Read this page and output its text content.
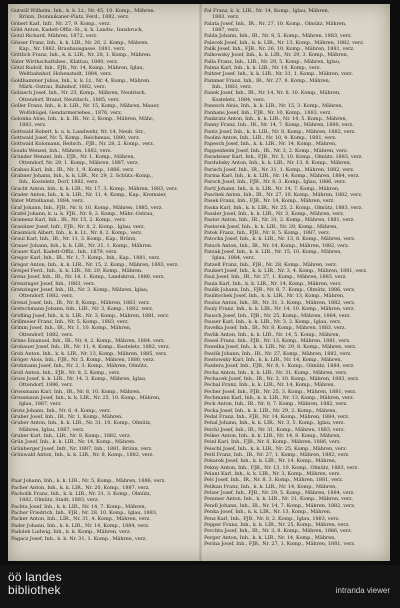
Gutwill Wilhelm, Inh., k. k. Lt., Nr. 45, 10. Komp., Mähren.
Brünn, Dominikaner-Platz, Ferd., 1882, verz.
Göberl Karl, Infr., Nr. 27, 9. Komp., verz.
Göbl Anton, Kadett-Offiz.-St., k. k. Landw., Innsbruck,
Gotzl Richard, Mähren, 1872, verz.
Gösser Franz, Inh., k. k. LIR., Nr. 26, 2. Komp., Mähren.
Kap., Nr. 1882, Brauhausgasse, 1881, verz.
Göttlich Franz, Inh., k. k. LIR., Nr. 28, 1. Komp., Mähren.
Vater Wirthschaftsbes., Klattau, 1880, verz.
Götzl Rudolf, Inh., FJB., Nr. 14, Komp., Mähren, Iglau,
Weltbahnhof, Hohenstadt, 1884, verz.
Goldhammer Julius, Inh., k. k. Lt., Nr. 4, Komp., Mähren.
Märk.-Ostrau, Bahnhof, 1882, verz.
Goliasch Josef, Inh., Nr. 23, Komp., Mähren, Neutitsch.
Ottendorf, Brand, Neutitsch., 1885, verz.
Goller Franz, Inh., k. k. LIR., Nr. 15, Komp., Mähren, Mauer,
Wolfshügel, Gendarmeriebes., 1876, verz.
Golonka Alois, Inh., k. k. IR., Nr. 2, Komp., Mähren, Mähr.,
1883, verz.
Gottwald Robert, k. u. k. Landwehr, Nr. 14, Neub. Str.,
Gottwald Josef, Nr. 5, Komp., Reichenau, 1880, verz.
Gottwald Kolomann, Reitsch., FJB., Nr. 28, 2. Komp., verz.
Gouda Wenzel, Inh., Mähren, 1882, verz.
Gründer Wenzel, Inh., FJB., Nr. 1, Komp., Mähren,
Ottendorf, Nr. 29, 1. Komp., Mähren, 1887, verz.
Grabau Karl, Inh., IR., Nr. 1, 9. Komp., 1886, verz.
Grabner Johann, Inh., k. k. LIR., Nr. 29, 2. Schütz.-Komp.,
Inh., Kosteletz, Dorf, 1882, verz.
Gracht Anton, Inh., k. k. LIR., Nr. 17, 3. Komp., Mähren, 1883, verz.
Grader Anton, Inh., k. k. LIR., Nr. 11, 4. Komp., Kap., Kremsier,
Vater Mittelhansl, 1884, verz.
Graf Johann, Inh., FJB., Nr. 8, 10. Komp., Mähren, 1885, verz.
Grafel Johann, k. u. k. FJB., Nr. 8, 2. Komp., Mähr.-Ostrau,
Gramenz Karl, Inh., IR., Nr. 15, 2. Komp., verz.
Granitzer Josef, Infr., FJB., Nr. 8, 2. Komp., Iglau, verz.
Grasmück Albert, Inh., k. k. Lt., Nr. 8, 2. Komp., verz.
Graul Karl, Inh., IR., Nr. 11, 3. Komp., Kap., Brünn,
Grauer Johann, Inh., k. k. LIR., Nr. 31, 1. Komp., Mähren.
Grauer Karl, Kadett-Offiz., Inh., 1879, verz.
Gregor Karl, Inh., IR., Nr. 1, 7. Komp., Inh., Kap., 1881, verz.
Gregor Anton, Inh., k. k. LIR., Nr. 15, 2. Komp., Mähren, 1883, verz.
Greipel Ferd., Inh., k. k. LIR., Nr. 29, Komp., Mähren.
Grenz Josef, Inh., IR., Nr. 14, 1. Komp., Landskron, 1880, verz.
Grenzinger Josef, Inh., 1883, verz.
Grenzinger Josef, Inh., IR., Nr. 3, Komp., Mähren, Iglau,
Ottendorf, 1882, verz.
Grenzl Josef, Inh., IR., Nr. 8, Komp., Mähren, 1883, verz.
Gretschmann Johann, Inh., LIR., Nr. 3, Komp., 1882, verz.
Gridling Josef, Inh., k. k. LIR., Nr. 3, Komp., Mähren, 1881, verz.
Grillmeier Franz, Inh., Nr. 5, Komp., 1883, verz.
Grimm Josef, Inh., IR., Nr. 1, 10. Komp., Mähren,
Ottendorf, 1882, verz.
Grims Emanuel, Inh., IR., Nr. 4, 2. Komp., Mähren, 1884, verz.
Grobauer Josef, Inh., IR., Nr. 11, 4. Komp., Kosteletz, 1882, verz.
Groh Anton, Inh., k. k. LIR., Nr. 13, Komp., Mähren, 1885, verz.
Gröger Alois, Inh., FJB., Nr. 5, Komp., Mähren, 1880, verz.
Grohmann Josef, Inh., Nr. 2, 3. Komp., Mähren, Olmütz,
Groll Anton, Inh., FJB., Nr. 8, 2. Komp., verz.
Gross Josef, k. k. LIR., Nr. 14, 3. Komp., Mähren, Iglau,
Ottendorf, 1886, verz.
Grossmann Karl, Inh., IR., Nr. 8, 10. Komp., Mähren.
Grossmann Josef, Inh., k. k. LIR., Nr. 25, 10. Komp., Mähren,
Iglau, 1887, verz.
Grotz Johann, Inh., Nr. 6, 4. Komp., verz.
Gruber Josef, Inh., IR., Nr. 1, Komp., Mähren.
Gruber Anton, Inh., k. k. LIR., Nr. 31, 10. Komp., Olmütz,
Mähren, Iglau, 1887, verz.
Gruber Karl, Inh., LIR., Nr. 8, Komp., 1882, verz.
Grün Josef, Inh., k. k. LIR., Nr. 14, Komp., Mähren.
Grünberger Josef, Infr., Nr. 1887, Inh., 1881, Brünn, verz.
Grünwald Anton, Inh., k. k. LIR., Nr. 8, Komp., 1882, verz.
Paar Johann, Inh., k. k. LIR., Nr. 5, Komp., Mähren, 1886, verz.
Pacher Anton, Inh., k. k. LIR., Nr. 20, Komp., 1887, verz.
Pacholik Franz, Inh., k. k. LIR., Nr. 31, 3. Komp., Olmütz,
1882, Olmütz, Stadt, 1883, verz.
Pachta Josef, Inh., k. k. LIR., Nr. 14, 7. Komp., Mähren,
Pacher Friedrich, Inh., FJB., Nr. 28, 10. Komp., Iglau, 1883,
Packer Anton, Inh., LIR., Nr. 31, 4. Komp., Mähren, verz.
Pader Johann, Inh., k. k. LIR., Nr. 14, Komp., 1884, verz.
Padolek Ludwig, Inh., k. k. Komp., Mähren, verz.
Pagacz Josef, Inh., k. k. Nr. 31, 1. Komp., Mähren, verz.
Pal Franz, k. k. LIR., Nr. 14, Komp., Iglau, Mähren,
1883, verz.
Palata Josef, Inh., IR., Nr. 27, 10. Komp., Olmütz, Mähren,
1887, verz.
Palda Johann, Inh., IR., Nr. 8, 5. Komp., Mähren, 1883, verz.
Palecek Josef, Inh., k. k. LIR., Nr. 13, Komp., Mähren, 1882, verz.
Palik Josef, Inh., FJB., Nr. 26, 10. Komp., Mähren, 1881, verz.
Palkowsky Josef, Inh., k. k. LIR., Nr. 29, 3. Komp., Mähren,
Palla Franz, Inh., LIR., Nr. 29, 5. Komp., Mähren, Iglau,
Palma Karl, Inh., k. k. LIR., Nr. 14, Komp., verz.
Paltzer Josef, Inh., k. k. LIR., Nr. 31, 1. Komp., Mähren, verz.
Pammer Franz, Inh., IR., Nr. 27, 8. Komp., Mähren,
Inh., 1883, verz.
Panek Josef, Inh., IR., Nr. 14, Nr. 8, 10. Komp., Mähren,
Kosteletz, 1884, verz.
Panesch Alois, Inh., k. k. LIR., Nr. 15, 3. Komp., Mähren,
Panhans Josef, Inh., FJB., Nr. 10, Komp., 1883, verz.
Pankratz Anton, Inh., k. k. LIR., Nr. 14, 5. Komp., Mähren,
Panny Franz, Inh., IR., Nr. 14, 7. Komp., Mähren, 1880, verz.
Pantz Josef, Inh., k. k. LIR., Nr. 8, Komp., Mähren, 1882, verz.
Paolini Anton, Inh., LIR., Nr. 10, 4. Komp., 1881, verz.
Papesch Josef, Inh., k. k. LIR., Nr. 14, Komp., Mähren,
Pappenheim Josef, Inh., IR., Nr. 3, 2. Komp., Mähren, verz.
Paradeiser Karl, Inh., FJB., Nr. 5, 10. Komp., Olmütz, 1883, verz.
Pardubsky Anton, Inh., k. k. LIR., Nr. 13, 8. Komp., Mähren,
Parisch Josef, Inh., IR., Nr. 31, 1. Komp., Mähren, 1882, verz.
Parma Karl, Inh., k. k. LIR., Nr. 14, Komp., Mähren, 1884, verz.
Parsch Josef, Inh., FJB., Nr. 8, 3. Komp., Iglau, 1886, verz.
Partl Johann, Inh., k. k. LIR., Nr. 14, 7. Komp., Mähren,
Paschek Anton, Inh., IR., Nr. 27, 10. Komp., Mähren, 1882, verz.
Pasek Franz, Inh., FJB., Nr. 14, Komp., Mähren, verz.
Paska Karl, Inh., k. k. LIR., Nr. 25, 2. Komp., Olmütz, 1883, verz.
Passler Josef, Inh., k. k. LIR., Nr. 3, Komp., Mähren, verz.
Pastor Anton, Inh., IR., Nr. 31, 2. Komp., Mähren, 1881, verz.
Pastorek Josef, Inh., k. k. LIR., Nr. 29, Komp., Mähren,
Patek Franz, Inh., FJB., Nr. 8, 5. Komp., 1887, verz.
Patocka Josef, Inh., k. k. LIR., Nr. 13, 8. Komp., Mähren, verz.
Patsch Anton, Inh., IR., Nr. 14, Komp., Mähren, 1882, verz.
Patzak Josef, Inh., k. k. LIR., Nr. 15, 10. Komp., Mähren,
Iglau, 1884, verz.
Patzelt Franz, Inh., FJB., Nr. 28, Komp., Mähren, verz.
Paukert Josef, Inh., k. k. LIR., Nr. 3, 4. Komp., Mähren, 1881, verz.
Paul Josef, Inh., IR., Nr. 27, 1. Komp., Mähren, 1883, verz.
Paula Karl, Inh., k. k. LIR., Nr. 14, Komp., Mähren, verz.
Paulik Johann, Inh., FJB., Nr. 8, 7. Komp., Olmütz, 1886, verz.
Paulitschek Josef, Inh., k. k. LIR., Nr. 13, Komp., Mähren,
Paulus Anton, Inh., IR., Nr. 31, 3. Komp., Mähren, 1882, verz.
Pauly Franz, Inh., k. k. LIR., Nr. 14, 10. Komp., Mähren, verz.
Pausch Josef, Inh., FJB., Nr. 25, Komp., Mähren, 1884, verz.
Pauser Karl, Inh., k. k. LIR., Nr. 3, 2. Komp., Iglau, verz.
Pavelka Josef, Inh., IR., Nr. 8, Komp., Mähren, 1883, verz.
Pavlik Anton, Inh., k. k. LIR., Nr. 14, 5. Komp., Mähren,
Pawel Franz, Inh., FJB., Nr. 13, Komp., Mähren, 1881, verz.
Pawelka Josef, Inh., k. k. LIR., Nr. 29, 8. Komp., Mähren, verz.
Pawlik Johann, Inh., IR., Nr. 27, Komp., Mähren, 1882, verz.
Pawlowsky Karl, Inh., k. k. LIR., Nr. 14, Komp., Mähren,
Pazdera Josef, Inh., FJB., Nr. 8, 1. Komp., Olmütz, 1884, verz.
Pecha Anton, Inh., k. k. LIR., Nr. 31, Komp., Mähren, verz.
Pechacek Josef, Inh., IR., Nr. 3, 10. Komp., Mähren, 1883, verz.
Pechal Franz, Inh., k. k. LIR., Nr. 14, Komp., Mähren,
Pecher Josef, Inh., FJB., Nr. 25, 3. Komp., Mähren, 1881, verz.
Pechmann Karl, Inh., k. k. LIR., Nr. 13, Komp., Mähren, verz.
Peck Anton, Inh., IR., Nr. 8, 7. Komp., Mähren, 1882, verz.
Pecka Josef, Inh., k. k. LIR., Nr. 29, 2. Komp., Mähren,
Pedal Franz, Inh., FJB., Nr. 14, Komp., Mähren, 1884, verz.
Pehal Johann, Inh., k. k. LIR., Nr. 3, 5. Komp., Iglau, verz.
Peichl Josef, Inh., IR., Nr. 31, Komp., Mähren, 1883, verz.
Peiker Anton, Inh., k. k. LIR., Nr. 14, 8. Komp., Mähren,
Peinl Karl, Inh., FJB., Nr. 8, Komp., Mähren, 1886, verz.
Peischl Josef, Inh., k. k. LIR., Nr. 25, Komp., Mähren, verz.
Peitl Franz, Inh., IR., Nr. 27, 1. Komp., Mähren, 1882, verz.
Pekarek Josef, Inh., k. k. LIR., Nr. 14, Komp., Mähren,
Pekny Anton, Inh., FJB., Nr. 13, 10. Komp., Olmütz, 1883, verz.
Pelant Karl, Inh., k. k. LIR., Nr. 3, Komp., Mähren, verz.
Pelc Josef, Inh., IR., Nr. 8, 3. Komp., Mähren, 1881, verz.
Pelikan Franz, Inh., k. k. LIR., Nr. 14, Komp., Mähren,
Pelzer Josef, Inh., FJB., Nr. 29, 5. Komp., Mähren, 1884, verz.
Pemmer Anton, Inh., k. k. LIR., Nr. 31, Komp., Mähren, verz.
Pendl Johann, Inh., IR., Nr. 14, 7. Komp., Mähren, 1882, verz.
Penka Josef, Inh., k. k. LIR., Nr. 13, Komp., Mähren,
Penz Karl, Inh., FJB., Nr. 8, 2. Komp., Iglau, 1883, verz.
Pepper Franz, Inh., k. k. LIR., Nr. 25, Komp., Mähren, verz.
Perchta Josef, Inh., IR., Nr. 3, 8. Komp., Mähren, 1886, verz.
Perger Anton, Inh., k. k. LIR., Nr. 14, Komp., Mähren,
Perina Josef, Inh., FJB., Nr. 27, 1. Komp., Mähren, 1881, verz.
öö landes
bibliothek	intranda viewer
